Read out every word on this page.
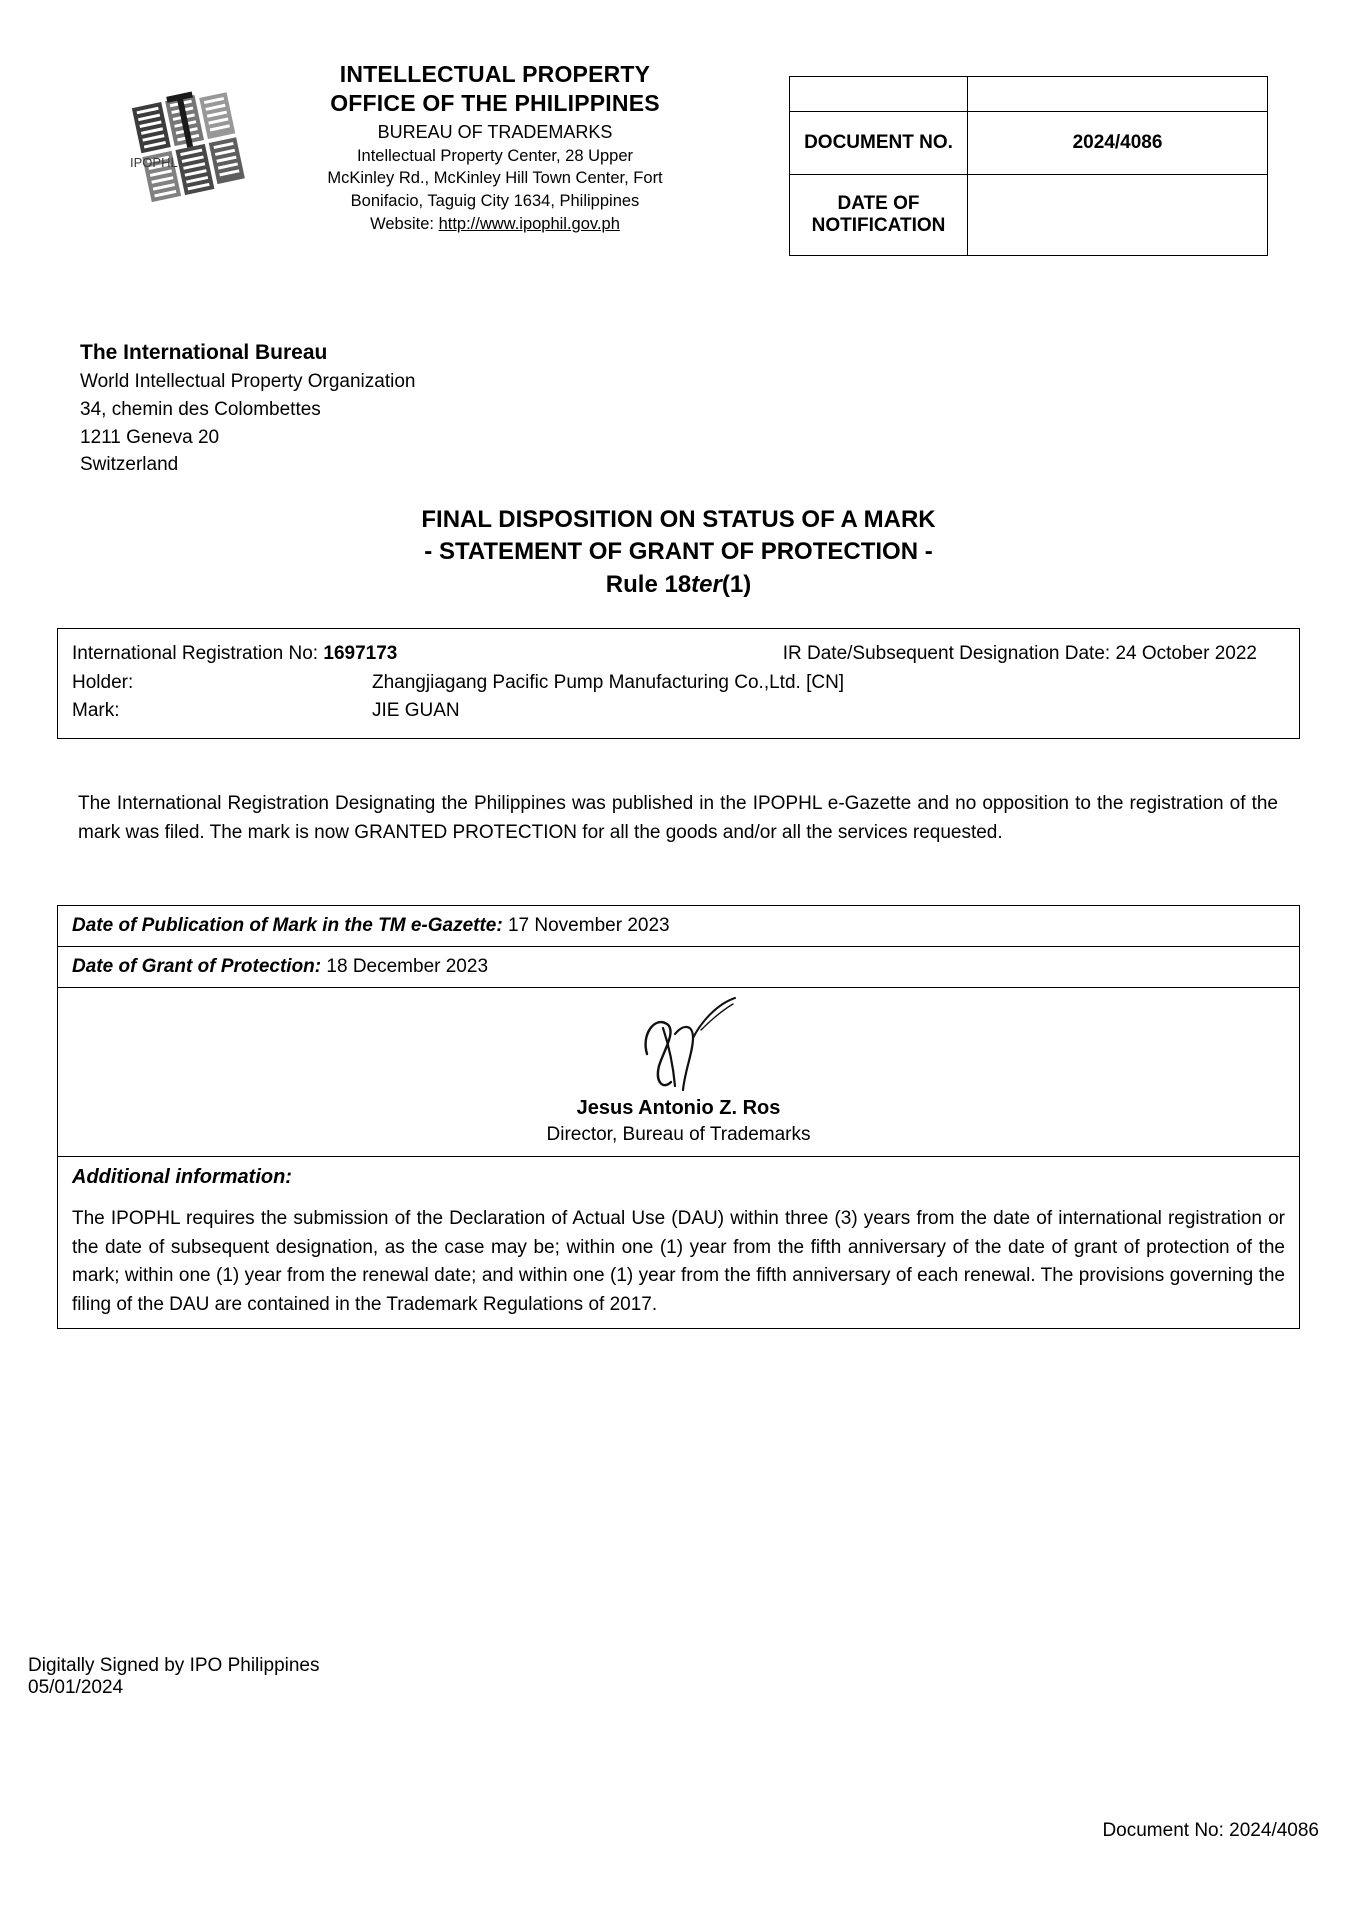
IPOPHL
INTELLECTUAL PROPERTY
OFFICE OF THE PHILIPPINES
BUREAU OF TRADEMARKS
Intellectual Property Center, 28 Upper
McKinley Rd., McKinley Hill Town Center, Fort
Bonifacio, Taguig City 1634, Philippines
Website: http://www.ipophil.gov.ph

DOCUMENT NO.	2024/4086
DATE OF NOTIFICATION	
The International Bureau
World Intellectual Property Organization
34, chemin des Colombettes
1211 Geneva 20
Switzerland
FINAL DISPOSITION ON STATUS OF A MARK
- STATEMENT OF GRANT OF PROTECTION -
Rule 18ter(1)
International Registration No: 1697173	IR Date/Subsequent Designation Date: 24 October 2022
Holder:	Zhangjiagang Pacific Pump Manufacturing Co.,Ltd. [CN]
Mark:	JIE GUAN
The International Registration Designating the Philippines was published in the IPOPHL e-Gazette and no opposition to the registration of the mark was filed. The mark is now GRANTED PROTECTION for all the goods and/or all the services requested.
Date of Publication of Mark in the TM e-Gazette: 17 November 2023
Date of Grant of Protection: 18 December 2023

Jesus Antonio Z. Ros
Director, Bureau of Trademarks

Additional information:
The IPOPHL requires the submission of the Declaration of Actual Use (DAU) within three (3) years from the date of international registration or the date of subsequent designation, as the case may be; within one (1) year from the fifth anniversary of the date of grant of protection of the mark; within one (1) year from the renewal date; and within one (1) year from the fifth anniversary of each renewal. The provisions governing the filing of the DAU are contained in the Trademark Regulations of 2017.
Digitally Signed by IPO Philippines
05/01/2024
Document No: 2024/4086
